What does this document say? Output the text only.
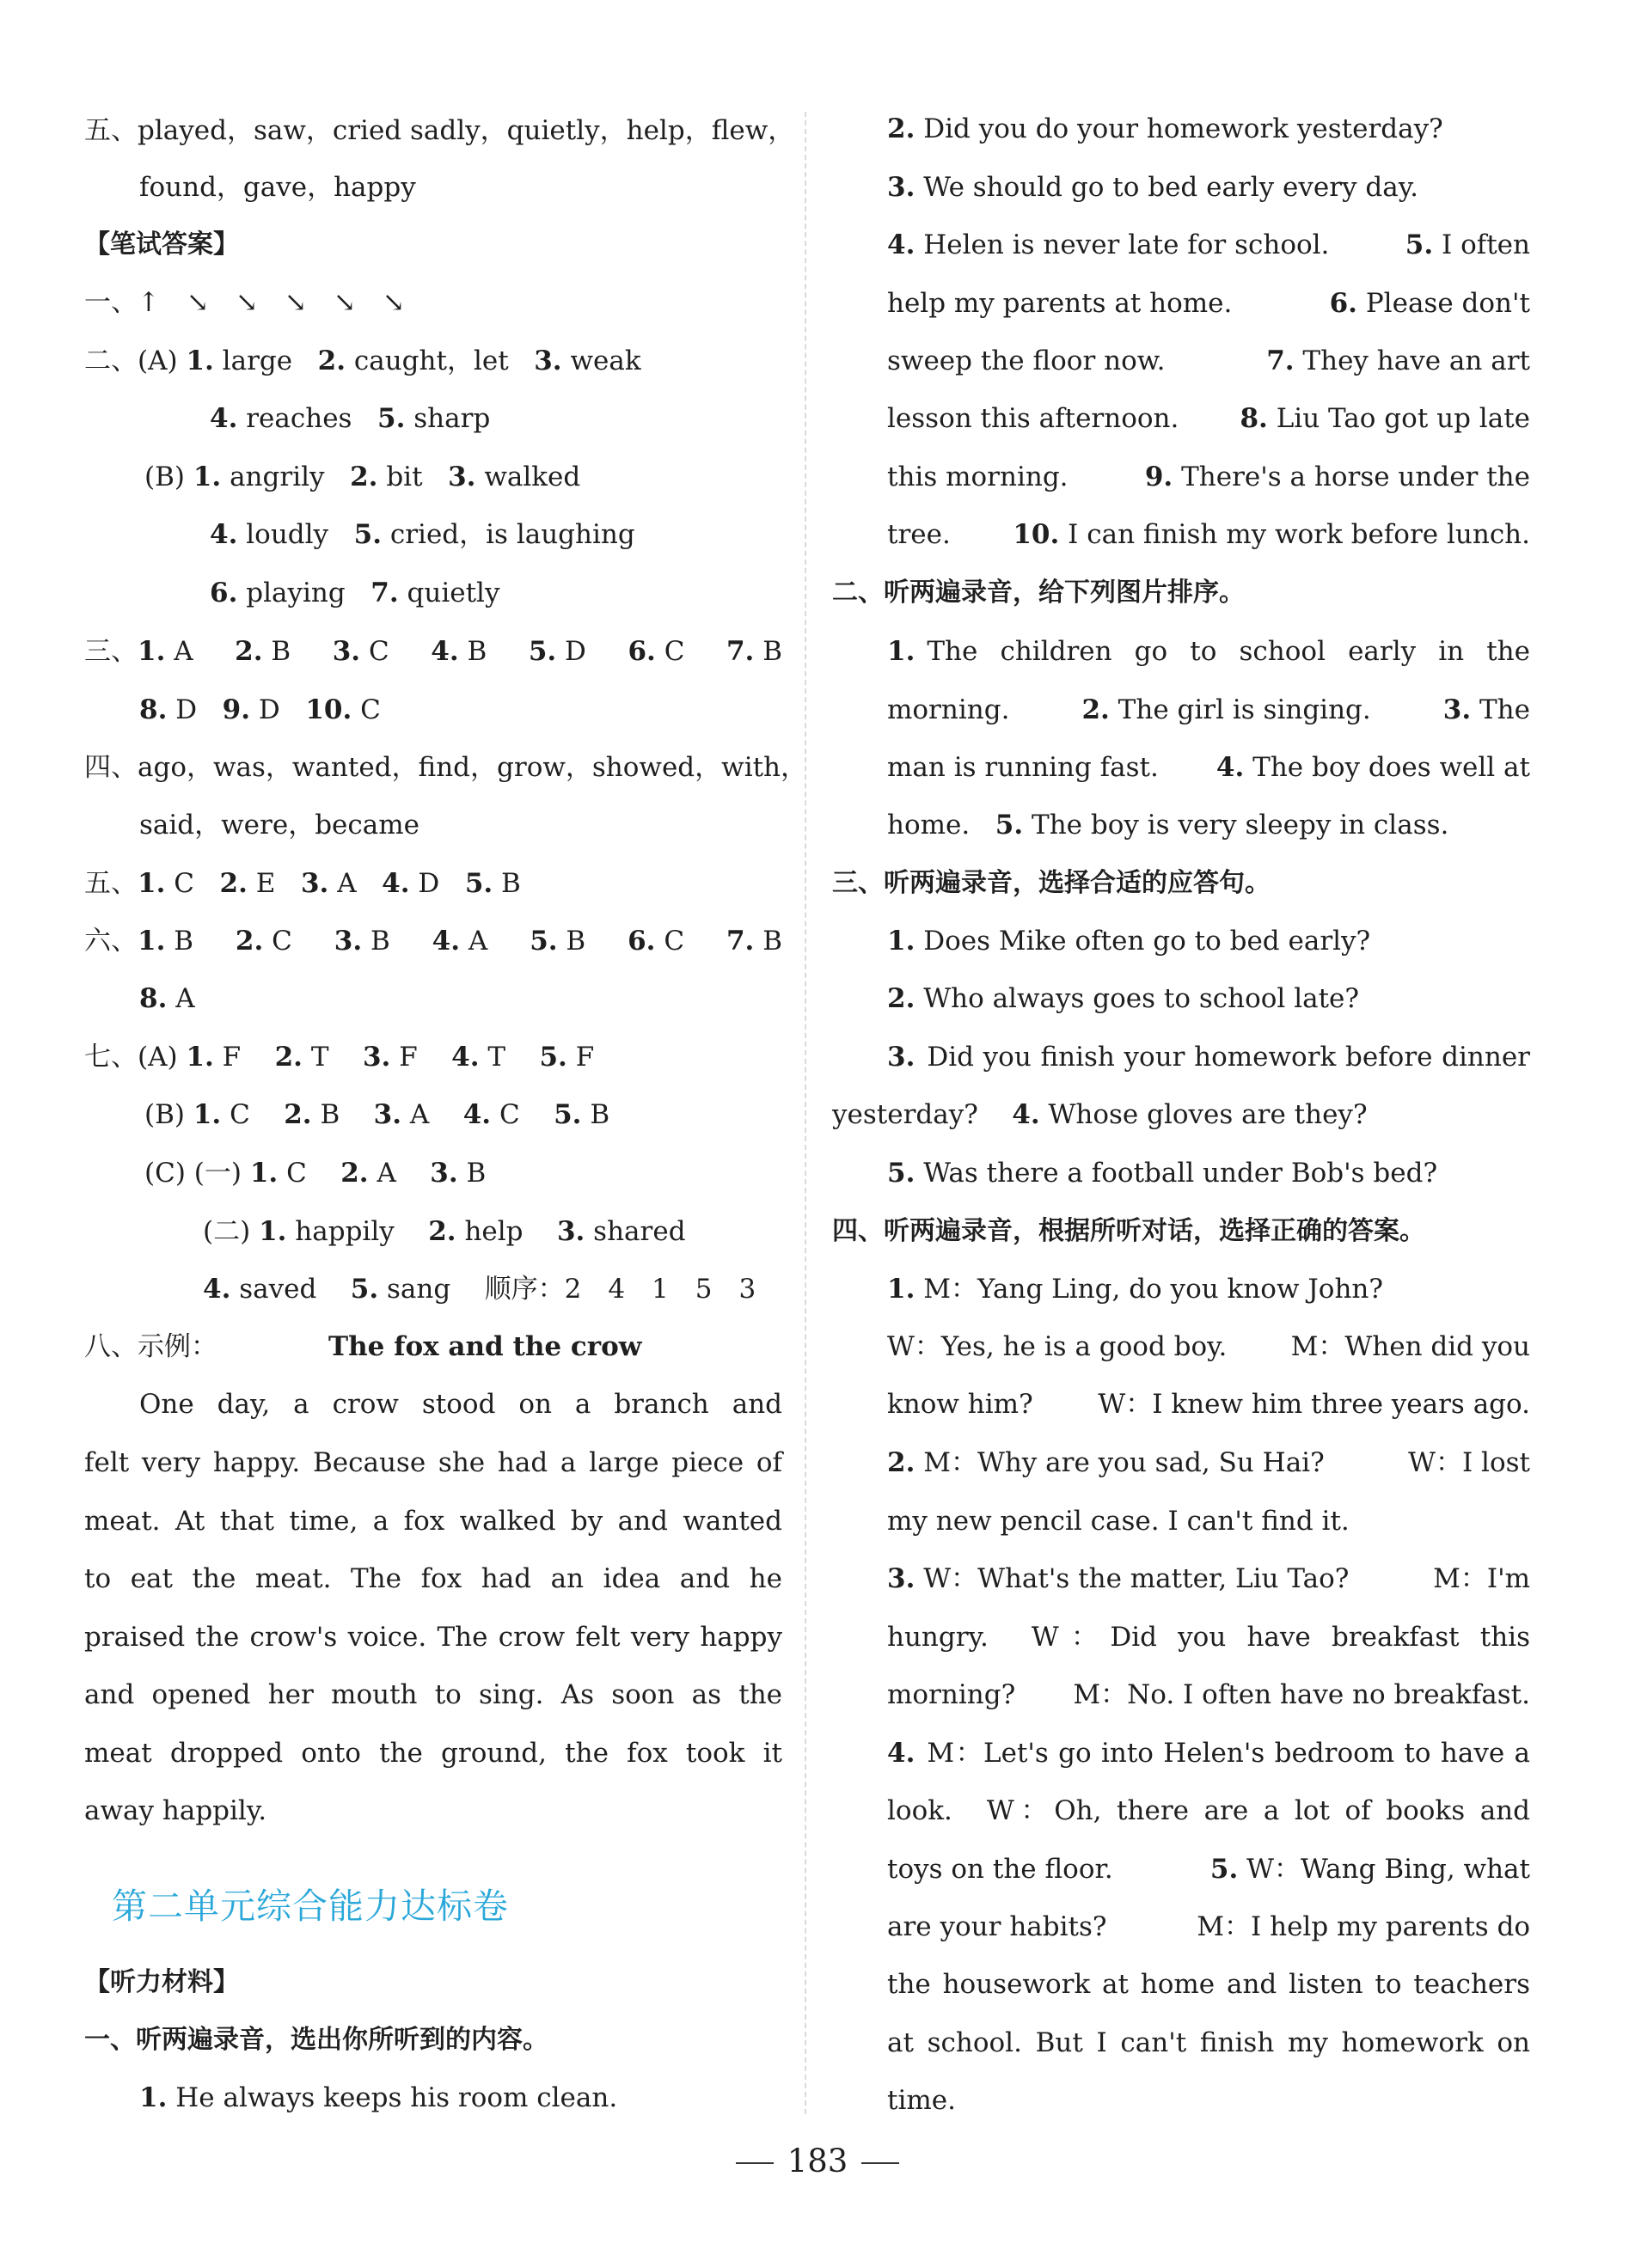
五、played，saw，cried sadly，quietly，help，flew，
found，gave，happy
【笔试答案】
一、↑　↘　↘　↘　↘　↘
二、(A) 1. large 2. caught，let 3. weak
4. reaches 5. sharp
(B) 1. angrily 2. bit 3. walked
4. loudly 5. cried，is laughing
6. playing 7. quietly
三、1. A 2. B 3. C 4. B 5. D 6. C 7. B
8. D 9. D 10. C
四、ago，was，wanted，find，grow，showed，with，
said，were，became
五、1. C 2. E 3. A 4. D 5. B
六、1. B 2. C 3. B 4. A 5. B 6. C 7. B
8. A
七、(A) 1. F 2. T 3. F 4. T 5. F
(B) 1. C 2. B 3. A 4. C 5. B
(C) (一) 1. C 2. A 3. B
(二) 1. happily 2. help 3. shared
4. saved 5. sang 顺序：2　4　1　5　3
八、示例：	The fox and the crow
One day, a crow stood on a branch and
felt very happy. Because she had a large piece of
meat. At that time, a fox walked by and wanted
to eat the meat. The fox had an idea and he
praised the crow's voice. The crow felt very happy
and opened her mouth to sing. As soon as the
meat dropped onto the ground, the fox took it
away happily.
【听力材料】
一、听两遍录音，选出你所听到的内容。
1. He always keeps his room clean.
第二单元综合能力达标卷
2. Did you do your homework yesterday?
3. We should go to bed early every day.
4. Helen is never late for school.	5. I often
help my parents at home.	6. Please don't
sweep the floor now.	7. They have an art
lesson this afternoon. 8. Liu Tao got up late
this morning.	9. There's a horse under the
tree. 10. I can finish my work before lunch.
二、听两遍录音，给下列图片排序。
1. The children go to school early in the
morning.	2. The girl is singing.	3. The
man is running fast. 4. The boy does well at
home. 5. The boy is very sleepy in class.
三、听两遍录音，选择合适的应答句。
1. Does Mike often go to bed early?
2. Who always goes to school late?
3. Did you finish your homework before dinner
yesterday? 4. Whose gloves are they?
5. Was there a football under Bob's bed?
四、听两遍录音，根据所听对话，选择正确的答案。
1. M：Yang Ling, do you know John?
W：Yes, he is a good boy. M：When did you
know him? W：I knew him three years ago.
2. M：Why are you sad, Su Hai?	W：I lost
my new pencil case. I can't find it.
3. W：What's the matter, Liu Tao?	M：I'm
hungry. W：Did you have breakfast this
morning? M：No. I often have no breakfast.
4. M：Let's go into Helen's bedroom to have a
look. W：Oh, there are a lot of books and
toys on the floor.	5. W：Wang Bing, what
are your habits?	M：I help my parents do
the housework at home and listen to teachers
at school. But I can't finish my homework on
time.
183
